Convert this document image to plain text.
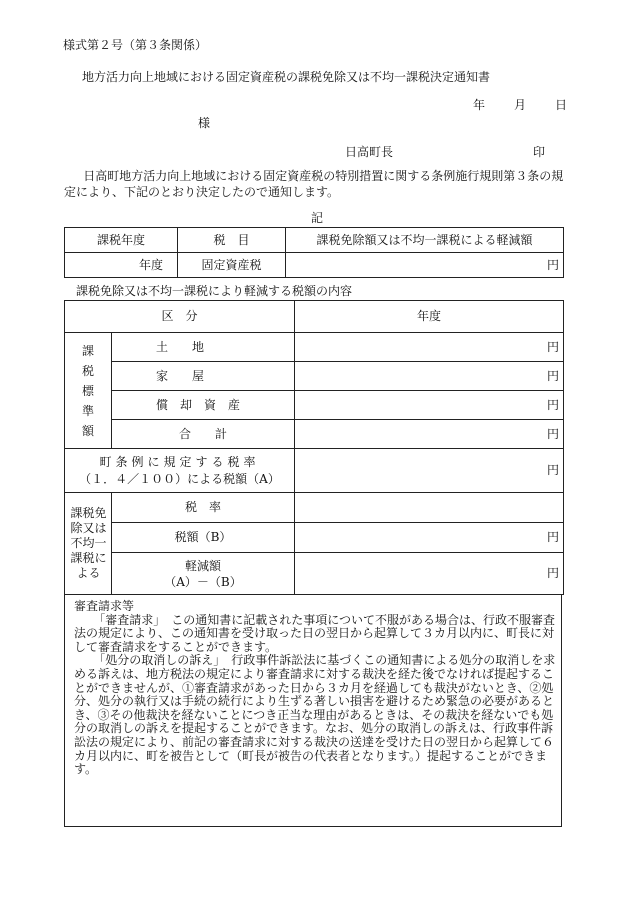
様式第２号（第３条関係）
地方活力向上地域における固定資産税の課税免除又は不均一課税決定通知書
年 月 日
様
日高町長	印
日高町地方活力向上地域における固定資産税の特別措置に関する条例施行規則第３条の規定により、下記のとおり決定したので通知します。
記
課税年度	税　目	課税免除額又は不均一課税による軽減額
年度	固定資産税	円
課税免除又は不均一課税により軽減する税額の内容
区　分		年度

課
税
標
準
額	土　　地	円
	家　　屋	円
	償　却　資　産	円
	合　　計	円

町条例に規定する税率
（１．４／１００）による税額（A）		円

課税免除又は不均一課税による	税　率	
	税額（B）	円

	軽減額
（A）－（B）	円

審査請求等

「審査請求」　この通知書に記載された事項について不服がある場合は、行政不服審査法の規定により、この通知書を受け取った日の翌日から起算して３カ月以内に、町長に対して審査請求をすることができます。

「処分の取消しの訴え」　行政事件訴訟法に基づくこの通知書による処分の取消しを求める訴えは、地方税法の規定により審査請求に対する裁決を経た後でなければ提起することができませんが、①審査請求があった日から３カ月を経過しても裁決がないとき、②処分、処分の執行又は手続の続行により生ずる著しい損害を避けるため緊急の必要があるとき、③その他裁決を経ないことにつき正当な理由があるときは、その裁決を経ないでも処分の取消しの訴えを提起することができます。なお、処分の取消しの訴えは、行政事件訴訟法の規定により、前記の審査請求に対する裁決の送達を受けた日の翌日から起算して６カ月以内に、町を被告として（町長が被告の代表者となります。）提起することができます。
